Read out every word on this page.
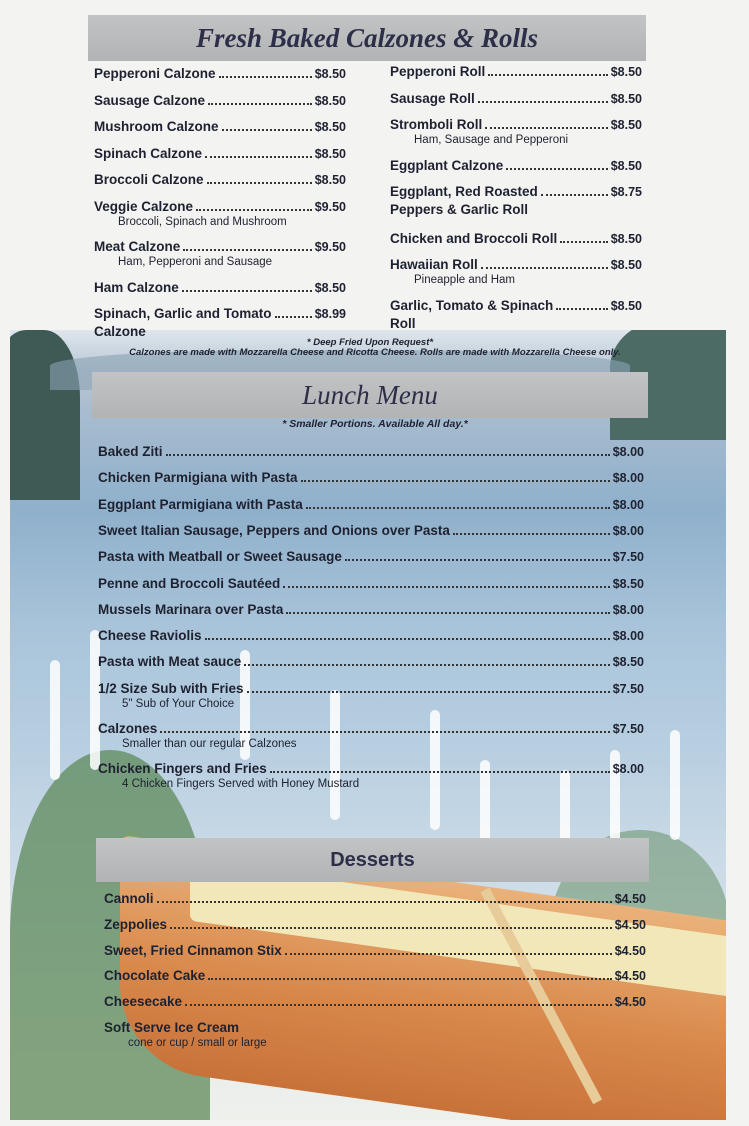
Fresh Baked Calzones & Rolls
Pepperoni Calzone	$8.50
Sausage Calzone	$8.50
Mushroom Calzone	$8.50
Spinach Calzone	$8.50
Broccoli Calzone	$8.50
Veggie Calzone	$9.50
Broccoli, Spinach and Mushroom
Meat Calzone	$9.50
Ham, Pepperoni and Sausage
Ham Calzone	$8.50
Spinach, Garlic and Tomato	$8.99
Calzone
Pepperoni Roll	$8.50
Sausage Roll	$8.50
Stromboli Roll	$8.50
Ham, Sausage and Pepperoni
Eggplant Calzone	$8.50
Eggplant, Red Roasted	$8.75
Peppers & Garlic Roll
Chicken and Broccoli Roll	$8.50
Hawaiian Roll	$8.50
Pineapple and Ham
Garlic, Tomato & Spinach	$8.50
Roll
* Deep Fried Upon Request*
Calzones are made with Mozzarella Cheese and Ricotta Cheese. Rolls are made with Mozzarella Cheese only.
Lunch Menu
* Smaller Portions. Available All day.*
Baked Ziti	$8.00
Chicken Parmigiana with Pasta	$8.00
Eggplant Parmigiana with Pasta	$8.00
Sweet Italian Sausage, Peppers and Onions over Pasta	$8.00
Pasta with Meatball or Sweet Sausage	$7.50
Penne and Broccoli Sautéed	$8.50
Mussels Marinara over Pasta	$8.00
Cheese Raviolis	$8.00
Pasta with Meat sauce	$8.50
1/2 Size Sub with Fries	$7.50
5" Sub of Your Choice
Calzones	$7.50
Smaller than our regular Calzones
Chicken Fingers and Fries	$8.00
4 Chicken Fingers Served with Honey Mustard
Desserts
Cannoli	$4.50
Zeppolies	$4.50
Sweet, Fried Cinnamon Stix	$4.50
Chocolate Cake	$4.50
Cheesecake	$4.50
Soft Serve Ice Cream
cone or cup / small or large
